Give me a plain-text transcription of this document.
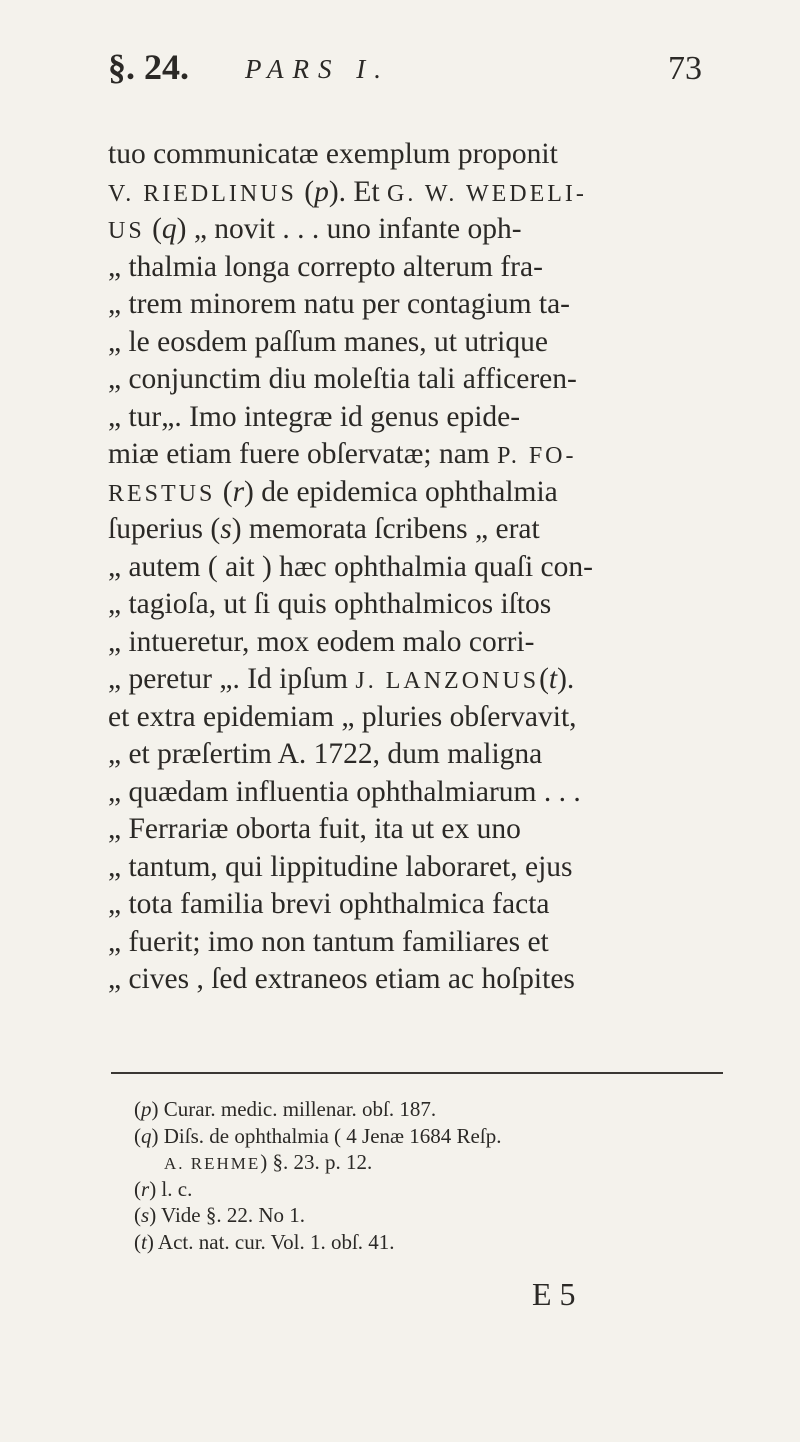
§. 24. PARS I.	73
tuo communicatæ exemplum proponit
V. RIEDLINUS (p). Et G. W. WEDELI-
US (q) „ novit . . . uno infante oph-
„ thalmia longa correpto alterum fra-
„ trem minorem natu per contagium ta-
„ le eosdem paſſum manes, ut utrique
„ conjunctim diu moleſtia tali afficeren-
„ tur„. Imo integræ id genus epide-
miæ etiam fuere obſervatæ; nam P. FO-
RESTUS (r) de epidemica ophthalmia
ſuperius (s) memorata ſcribens „ erat
„ autem ( ait ) hæc ophthalmia quaſi con-
„ tagioſa, ut ſi quis ophthalmicos iſtos
„ intueretur, mox eodem malo corri-
„ peretur „. Id ipſum J. LANZONUS(t).
et extra epidemiam „ pluries obſervavit,
„ et præſertim A. 1722, dum maligna
„ quædam influentia ophthalmiarum . . .
„ Ferrariæ oborta fuit, ita ut ex uno
„ tantum, qui lippitudine laboraret, ejus
„ tota familia brevi ophthalmica facta
„ fuerit; imo non tantum familiares et
„ cives , ſed extraneos etiam ac hoſpites
(p) Curar. medic. millenar. obſ. 187.
(q) Diſs. de ophthalmia ( 4 Jenæ 1684 Reſp.
A. REHME) §. 23. p. 12.
(r) l. c.
(s) Vide §. 22. No 1.
(t) Act. nat. cur. Vol. 1. obſ. 41.
E 5
